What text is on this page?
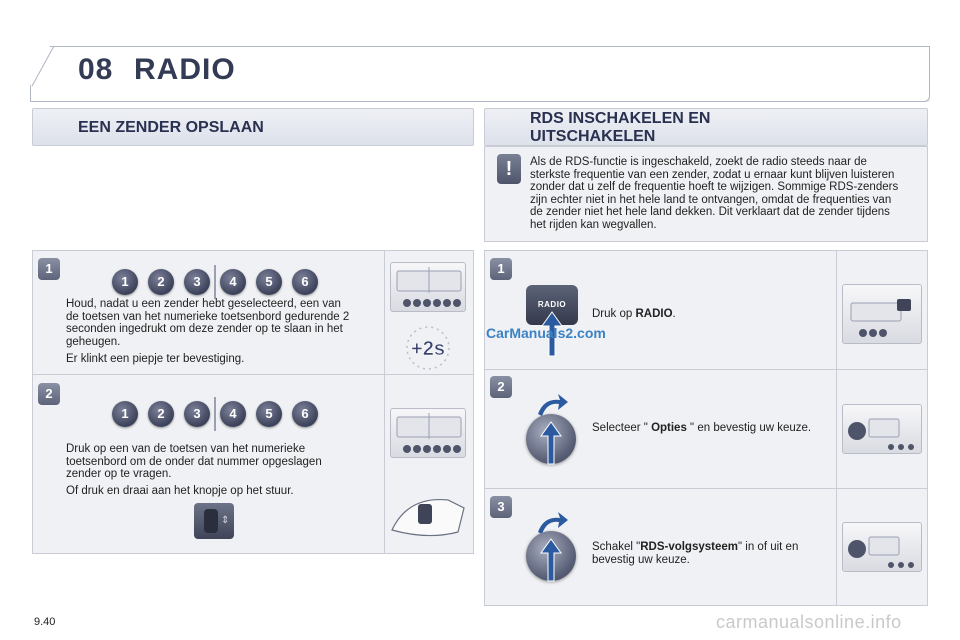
08 RADIO
EEN ZENDER OPSLAAN
RDS INSCHAKELEN EN
UITSCHAKELEN
!	Als de RDS-functie is ingeschakeld, zoekt de radio steeds naar de sterkste frequentie van een zender, zodat u ernaar kunt blijven luisteren zonder dat u zelf de frequentie hoeft te wijzigen. Sommige RDS-zenders zijn echter niet in het hele land te ontvangen, omdat de frequenties van de zender niet het hele land dekken. Dit verklaart dat de zender tijdens het rijden kan wegvallen.
1
1	2	3	4	5	6
Houd, nadat u een zender hebt geselecteerd, een van de toetsen van het numerieke toetsenbord gedurende 2 seconden ingedrukt om deze zender op te slaan in het geheugen.
Er klinkt een piepje ter bevestiging.	+2s
2
1	2	3	4	5	6
Druk op een van de toetsen van het numerieke toetsenbord om de onder dat nummer opgeslagen zender op te vragen.
Of druk en draai aan het knopje op het stuur.
⇕
1
RADIO
Druk op RADIO.
CarManuals2.com
2
Selecteer " Opties " en bevestig uw keuze.
3
Schakel "RDS-volgsysteem" in of uit en bevestig uw keuze.
9.40	carmanualsonline.info
